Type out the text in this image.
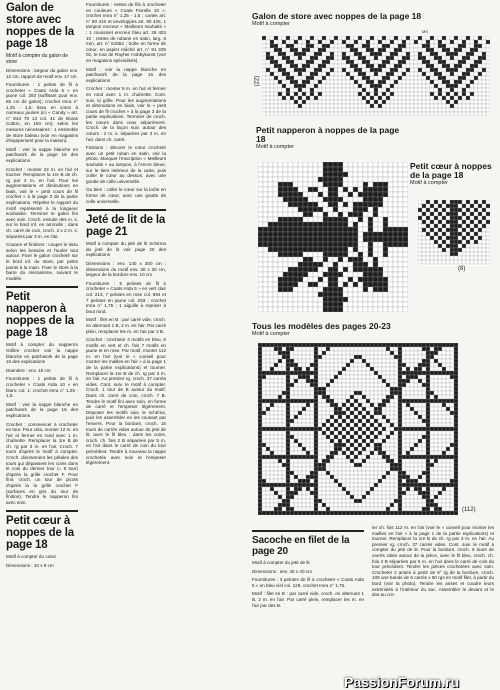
Galon de store avec noppes de la page 18
Motif à compter du galon de store

Dimensions : largeur du galon env. 12 cm, rapport de motif env. 17 cm

Fournitures : 1 pelote de fil à crocheter « Coats Aïda 5 » en jaune col. 293 (suffisant pour env. 85 cm de galon); crochet Imra n° 1,25 - 1,5; tissu en coton à carreaux jaunes (ici « Candy » art. n° 843 79 13 col. 41 de Boras Cotton, en 150 cm); selon les mesures nécessaires : 1 ensemble de store baleau (voir en magasins d'équipement pour la maison).

Motif : voir la nappe blanche en patchwork de la page 16 des explications

Crochet : monter 22 m. en l'air et tourner. Remplacer la 1re B de ch. rg par 3 m. en l'air. Pour les augmentations et diminutions en biais, voir le « petit cours de fil crochet » à la page 3 de la partie explications. Répéter le rapport du motif représenté à la longueur souhaitée. Terminer le galon fini avec soin. Croch. ensuite des m. s. sur le bord inf. en arrondis ; dans ch. carré de coin, croch. 2 x 2 m. s. séparées par 3 m. en l'air.

Couture et finitions : couper le tissu selon les besoins et l'ourler tout autour. Fixer le galon crocheté sur le bord inf. du store, par petits points à la main. Fixer le store à la barre du mécanisme, suivant le modèle.

Petit napperon à noppes de la page 18

Motif à compter du napperon Grilles crochet voir la nappe blanche en patchwork de la page 16 des explications

Diamètre : env. 19 cm

Fournitures : 1 pelote de fil à crocheter « Coats Aïda 10 » en blanc col. 1; crochet Imra n° 1,25 - 1,5.

Motif : voir la nappe blanche en patchwork de la page 16 des explications

Crochet : commencer à crocheter en tour. Pour cela, monter 12 m. en l'air et fermer en rond avec 1 m. chaînette. Remplacer la 1re B de ch. rg par 3 m. en l'air. Croch. 7 tours d'après le motif à compter. Croch. directement les pétales des tours qui dépassent les coins dans le coin du dernier tour (= 8 tour) d'après la grille crochet F. Pour finir, croch. un tour de picots d'après la la grille crochet F (surfaces en gris du tour de finition). Tendre le napperon fini avec soin.

Petit cœur à noppes de la page 18

Motif à compter du cœur

Dimensions : 10 x 9 cm

Fournitures : restes de fils à crocheter en couleurs « Coats Fiorella 10 »; crochet Imra n° 1,25 - 1,5 ; cartes art. n° 80 410 et enveloppes art. 80 425, 1 tampon encreur « Meilleurs souhaits » ; 1 coussinet encreur bleu art. 28 403 10 ; restes de rubans en satin, larg. 6 mm, art. n° 51552 ; boîte en forme de cœur, en papier mâché art. n° 81 229 02, le tout de Rayher Hobbykunst (voir en magasins spécialisés).

Motif : voir la nappe blanche en patchwork de la page 16 des explications

Crochet : monter 8 m. en l'air et fermer en rond avec 1 m. chaînette. Cont. suiv. la grille. Pour les augmentations et diminutions en biais, voir le « petit cours de fil crochet » à la page 3 de la partie explications. Terminer de croch. les cœurs dans ceux séparément. Croch. de la façon suiv. autour des cœurs : 2 m. s. séparées par 3 m. en l'air, dans ch. carré.

Finitions : décorer le cœur crocheté avec un petit ruban en satin, voir la photo. Marquer l'inscription « Meilleurs souhaits » au tampon, à l'encre bleue, sur le tiers intérieur de la carte, puis coller le cœur au dessus, avec une goutte de colle universelle.

Ou bien : coller le cœur sur la boîte en forme de cœur, avec une goutte de colle universelle.

Jeté de lit de la page 21

Motif à compter du jeté de lit Schéma du jeté de lit voir page 20 des explications

Dimensions : env. 140 x 200 cm ; dimensions du motif env. 30 x 30 cm, largeur de la bordure env. 10 cm

Fournitures : 5 pelotes de fil à crocheter « Coats Aïda 5 » en vert clair col. 213, 7 pelotes en rose col. 894 et 7 pelotes en jaune col. 293 ; crochet Imra n° 1,75 ; 1 aiguille à repriser à bout rond.

Motif : filet en B : par carré vide, croch. en alternant 1 B, 2 m. en l'air. Par carré plein, remplacer les m. en l'air par 2 B.

Crochet : crocheter 4 motifs en bleu, 6 motifs en vert et ch. fois 7 motifs en jaune et en rose. Par motif, monter 112 m. en l'air (voir le « conseil pour monter les mailles en l'air » à la page 1 de la partie explications) et tourner. Remplacer la 1re B de ch. rg par 3 m. en l'air. Au premier rg, croch. 37 carrés vides. Cont. suiv. le motif à compter. Croch. 1 tour de B autour du motif. Dans ch. carré de coin, croch. 7 B. Tendre le motif fini avec soin, en forme de carré et l'empeser légèrement. Disposer les motifs suiv. le schéma, puis les assembler en les cousant par l'envers. Pour la bordure, croch. 15 tours de carrés vides autour du jeté de lit, avec le fil bleu ; dans les coins, croch. ch. fois 2 B séparées par 5 m. en l'air dans le carré de coin du tour précédent. Tendre à nouveau la nappe crochetée avec soin et l'empeser légèrement.

Galon de store avec noppes de la page 18
Motif à compter
(22)
MS
Petit napperon à noppes de la page 18
Motif à compter
Petit cœur à noppes de la page 18
Motif à compter
(8)
Tous les modèles des pages 20-23
Motif à compter
(112)
Sacoche en filet de la page 20

Motif à compter du jeté de lit

Dimensions : env. 40 x 40 cm

Fournitures : 3 pelotes de fil à crocheter « Coats Aïda 5 » en bleu ciel col. 129, crochet Imra n° 1,75.

Motif : filet en B : par carré vide, croch. en alternant 1 B, 2 m. en l'air. Par carré plein, remplacer les m. en l'air par des B.

ter ch. fois 112 m. en l'air (voir le « conseil pour monter les mailles en l'air » à la page 1 de la partie explications) et tourner. Remplacer la 1re B de ch. rg par 3 m. en l'air. Au premier rg, croch. 37 carrés vides. Cont. suiv. le motif à compter du jeté de lit. Pour la bordure, croch. 9 tours de carrés vides autour de la pièce, avec le fil bleu, croch. ch. fois 2 B séparées par 5 m. en l'air dans le carré de coin du tour précédent. Tendre les pièces crochetées avec soin. Crocheter 2 anses à partir de 9° rg de la bordure, croch. 105 une bande de 5 carrés x 50 rgs en motif filet, à partir du bord (voir la photo). Tendre les anses et coudre leurs extrémités à l'intérieur du sac. Assembler le devant et le dos au cro-

PassionForum.ru
